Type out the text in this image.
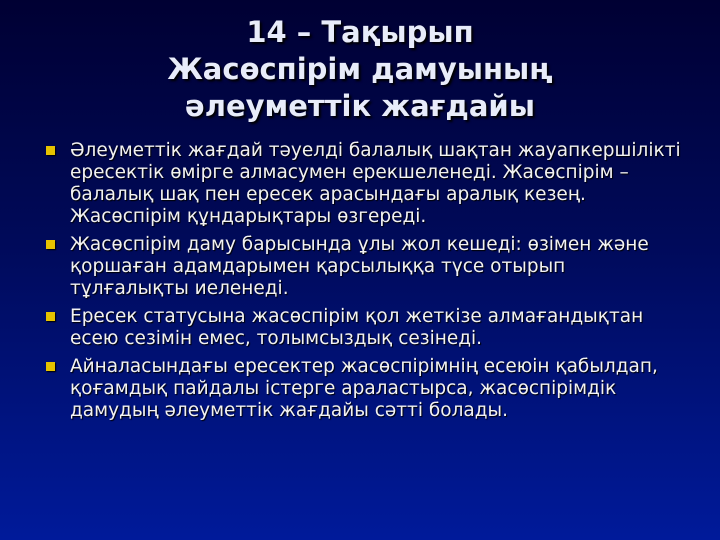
14 – Тақырып
Жасөспірім дамуының
әлеуметтік жағдайы
Әлеуметтік жағдай тәуелді балалық шақтан жауапкершілікті ересектік өмірге алмасумен ерекшеленеді. Жасөспірім – балалық шақ пен ересек арасындағы аралық кезең. Жасөспірім құндарықтары өзгереді.
Жасөспірім даму барысында ұлы жол кешеді: өзімен және қоршаған адамдарымен қарсылыққа түсе отырып тұлғалықты иеленеді.
Ересек статусына жасөспірім қол жеткізе алмағандықтан есею сезімін емес, толымсыздық сезінеді.
Айналасындағы ересектер жасөспірімнің есеюін қабылдап, қоғамдық пайдалы істерге араластырса, жасөспірімдік дамудың әлеуметтік жағдайы сәтті болады.
